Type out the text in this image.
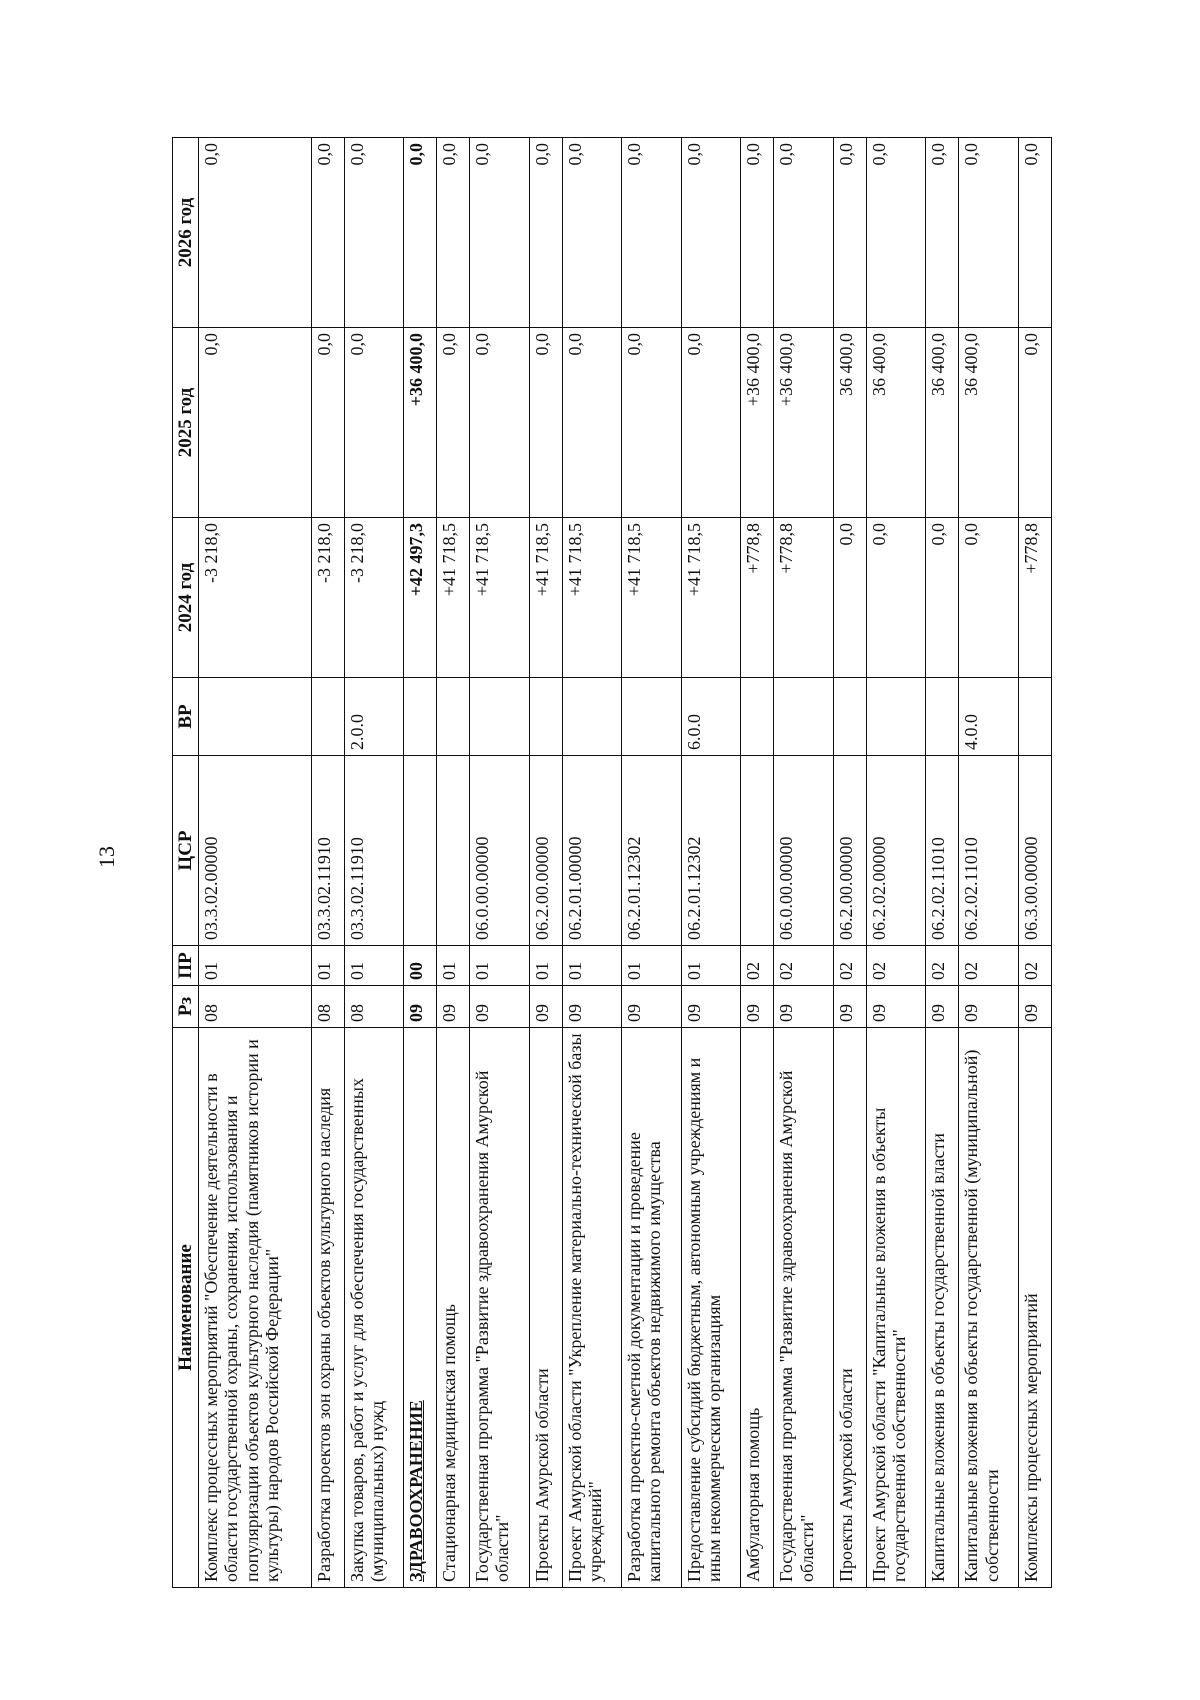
13
Наименование	Рз	ПР	ЦСР	ВР	2024 год	2025 год	2026 год
Комплекс процессных мероприятий "Обеспечение деятельности в области государственной охраны, сохранения, использования и популяризации объектов культурного наследия (памятников истории и культуры) народов Российской Федерации"	08	01	03.3.02.00000		-3 218,0	0,0	0,0
Разработка проектов зон охраны объектов культурного наследия	08	01	03.3.02.11910		-3 218,0	0,0	0,0
Закупка товаров, работ и услуг для обеспечения государственных (муниципальных) нужд	08	01	03.3.02.11910	2.0.0	-3 218,0	0,0	0,0
ЗДРАВООХРАНЕНИЕ	09	00			+42 497,3	+36 400,0	0,0
Стационарная медицинская помощь	09	01			+41 718,5	0,0	0,0
Государственная программа "Развитие здравоохранения Амурской области"	09	01	06.0.00.00000		+41 718,5	0,0	0,0
Проекты Амурской области	09	01	06.2.00.00000		+41 718,5	0,0	0,0
Проект Амурской области "Укрепление материально-технической базы учреждений"	09	01	06.2.01.00000		+41 718,5	0,0	0,0
Разработка проектно-сметной документации и проведение капитального ремонта объектов недвижимого имущества	09	01	06.2.01.12302		+41 718,5	0,0	0,0
Предоставление субсидий бюджетным, автономным учреждениям и иным некоммерческим организациям	09	01	06.2.01.12302	6.0.0	+41 718,5	0,0	0,0
Амбулаторная помощь	09	02			+778,8	+36 400,0	0,0
Государственная программа "Развитие здравоохранения Амурской области"	09	02	06.0.00.00000		+778,8	+36 400,0	0,0
Проекты Амурской области	09	02	06.2.00.00000		0,0	36 400,0	0,0
Проект Амурской области "Капитальные вложения в объекты государственной собственности"	09	02	06.2.02.00000		0,0	36 400,0	0,0
Капитальные вложения в объекты государственной власти	09	02	06.2.02.11010		0,0	36 400,0	0,0
Капитальные вложения в объекты государственной (муниципальной) собственности	09	02	06.2.02.11010	4.0.0	0,0	36 400,0	0,0
Комплексы процессных мероприятий	09	02	06.3.00.00000		+778,8	0,0	0,0
